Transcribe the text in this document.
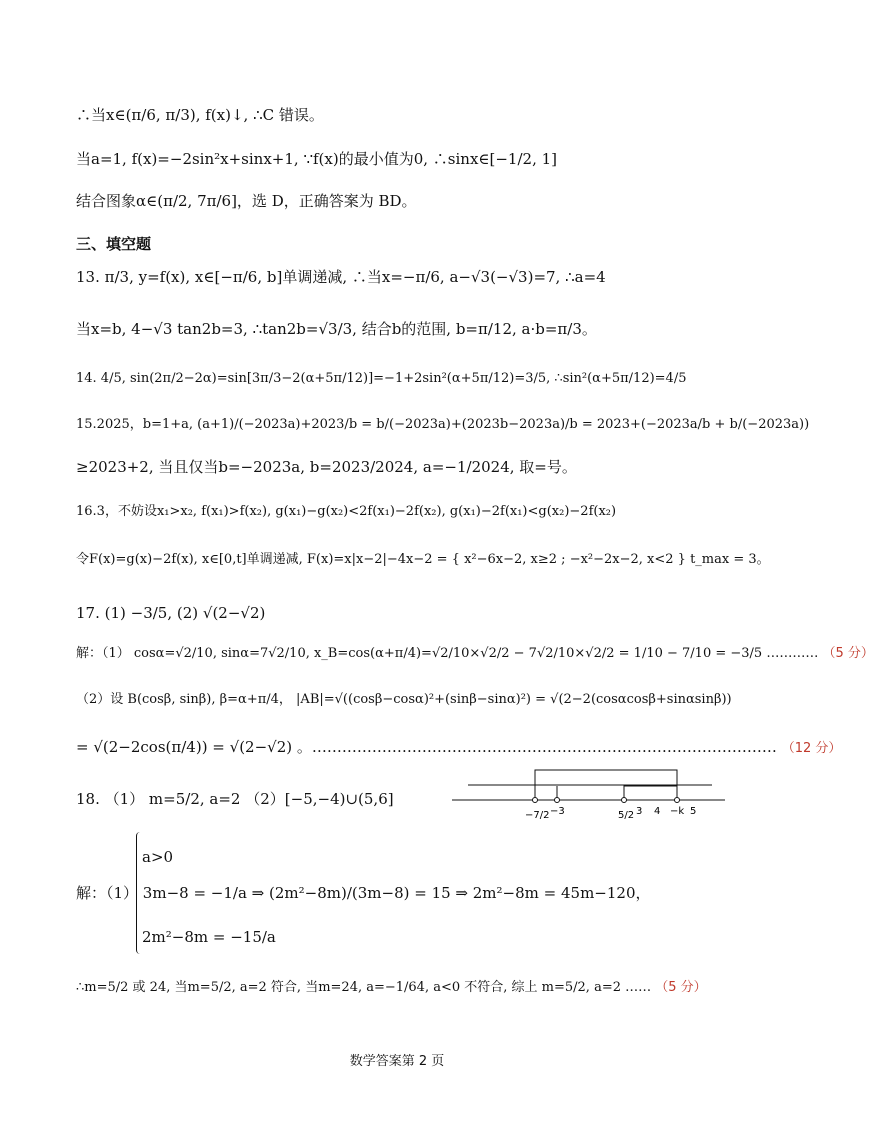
∴当x∈(π/6, π/3), f(x)↓, ∴C 错误。
当a=1, f(x)=−2sin²x+sinx+1, ∵f(x)的最小值为0, ∴sinx∈[−1/2, 1]
结合图象α∈(π/2, 7π/6]，选 D，正确答案为 BD。
三、填空题
13. π/3, y=f(x), x∈[−π/6, b]单调递减, ∴当x=−π/6, a−√3(−√3)=7, ∴a=4
当x=b, 4−√3 tan2b=3, ∴tan2b=√3/3, 结合b的范围, b=π/12, a·b=π/3。
14. 4/5, sin(2π/2−2α)=sin[3π/3−2(α+5π/12)]=−1+2sin²(α+5π/12)=3/5, ∴sin²(α+5π/12)=4/5
15.2025，b=1+a, (a+1)/(−2023a)+2023/b = b/(−2023a)+(2023b−2023a)/b = 2023+(−2023a/b + b/(−2023a))
≥2023+2, 当且仅当b=−2023a, b=2023/2024, a=−1/2024, 取=号。
16.3，不妨设x₁>x₂, f(x₁)>f(x₂), g(x₁)−g(x₂)<2f(x₁)−2f(x₂), g(x₁)−2f(x₁)<g(x₂)−2f(x₂)
令F(x)=g(x)−2f(x), x∈[0,t]单调递减, F(x)=x|x−2|−4x−2 = { x²−6x−2, x≥2 ; −x²−2x−2, x<2 } t_max = 3。
17. (1) −3/5, (2) √(2−√2)
解：（1） cosα=√2/10, sinα=7√2/10, x_B=cos(α+π/4)=√2/10×√2/2 − 7√2/10×√2/2 = 1/10 − 7/10 = −3/5 ………… （5 分）
（2）设 B(cosβ, sinβ), β=α+π/4， |AB|=√((cosβ−cosα)²+(sinβ−sinα)²) = √(2−2(cosαcosβ+sinαsinβ))
= √(2−2cos(π/4)) = √(2−√2) 。………………………………………………………………………………… （12 分）
18. （1） m=5/2, a=2 （2）[−5,−4)∪(5,6]
−7/2 −3	5/2 3 4 −k 5
a>0
解：（1） 3m−8 = −1/a ⇒ (2m²−8m)/(3m−8) = 15 ⇒ 2m²−8m = 45m−120，
2m²−8m = −15/a
∴m=5/2 或 24, 当m=5/2, a=2 符合, 当m=24, a=−1/64, a<0 不符合, 综上 m=5/2, a=2 …… （5 分）
数学答案第 2 页
